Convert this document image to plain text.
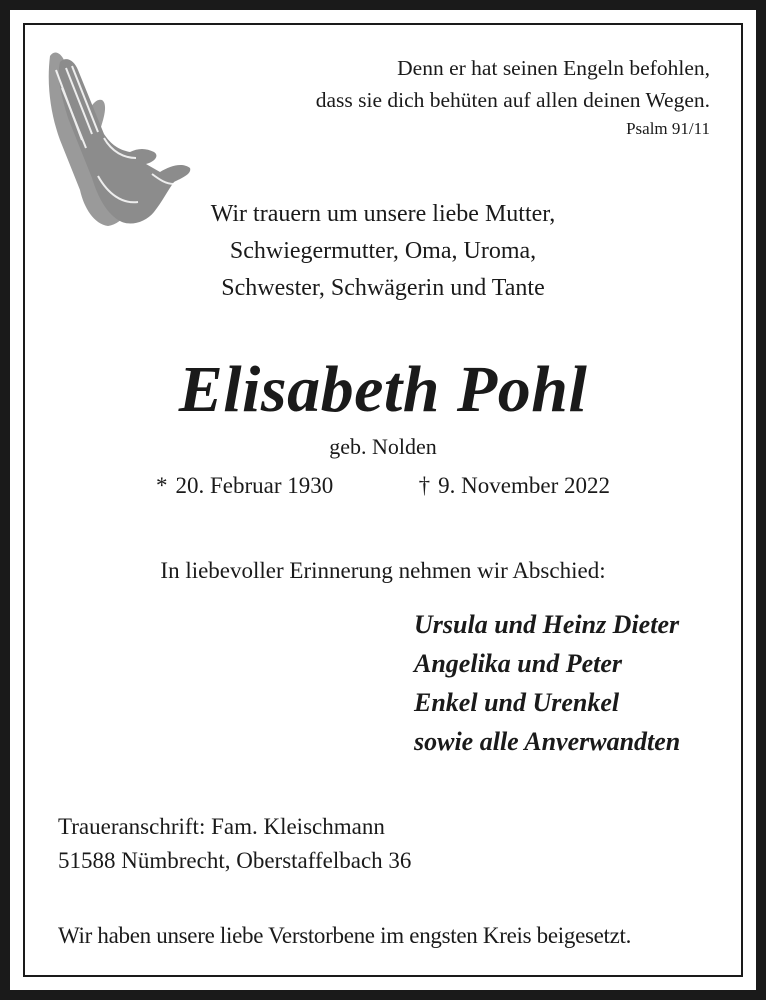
Denn er hat seinen Engeln befohlen,
dass sie dich behüten auf allen deinen Wegen.
Psalm 91/11
Wir trauern um unsere liebe Mutter,
Schwiegermutter, Oma, Uroma,
Schwester, Schwägerin und Tante
Elisabeth Pohl
geb. Nolden
* 20. Februar 1930	† 9. November 2022
In liebevoller Erinnerung nehmen wir Abschied:
Ursula und Heinz Dieter
Angelika und Peter
Enkel und Urenkel
sowie alle Anverwandten
Traueranschrift: Fam. Kleischmann
51588 Nümbrecht, Oberstaffelbach 36
Wir haben unsere liebe Verstorbene im engsten Kreis beigesetzt.
